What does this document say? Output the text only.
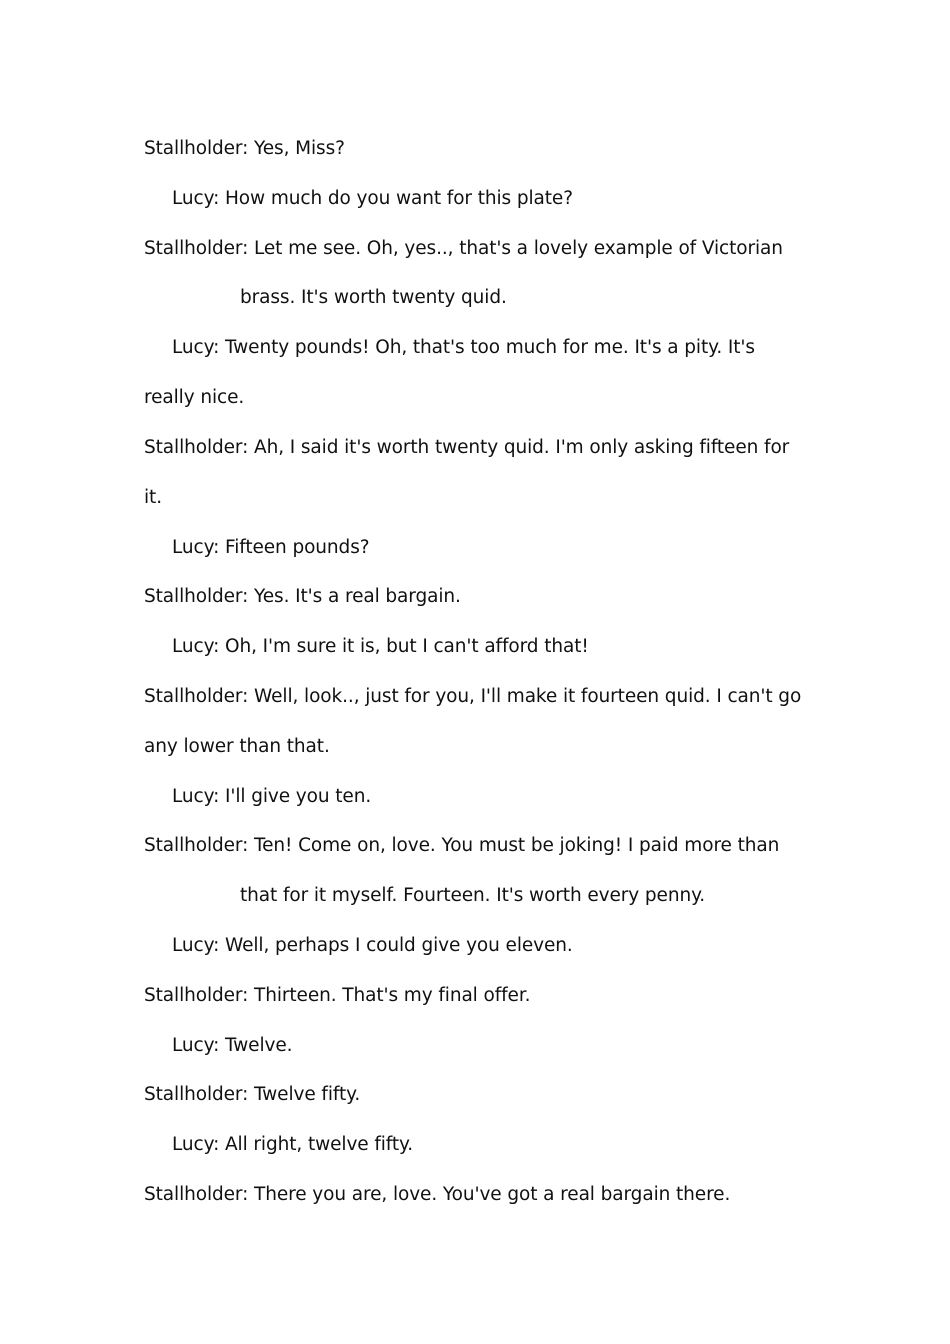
Stallholder: Yes, Miss?
Lucy: How much do you want for this plate?
Stallholder: Let me see. Oh, yes.., that's a lovely example of Victorian
brass. It's worth twenty quid.
Lucy: Twenty pounds! Oh, that's too much for me. It's a pity. It's
really nice.
Stallholder: Ah, I said it's worth twenty quid. I'm only asking fifteen for
it.
Lucy: Fifteen pounds?
Stallholder: Yes. It's a real bargain.
Lucy: Oh, I'm sure it is, but I can't afford that!
Stallholder: Well, look.., just for you, I'll make it fourteen quid. I can't go
any lower than that.
Lucy: I'll give you ten.
Stallholder: Ten! Come on, love. You must be joking! I paid more than
that for it myself. Fourteen. It's worth every penny.
Lucy: Well, perhaps I could give you eleven.
Stallholder: Thirteen. That's my final offer.
Lucy: Twelve.
Stallholder: Twelve fifty.
Lucy: All right, twelve fifty.
Stallholder: There you are, love. You've got a real bargain there.
